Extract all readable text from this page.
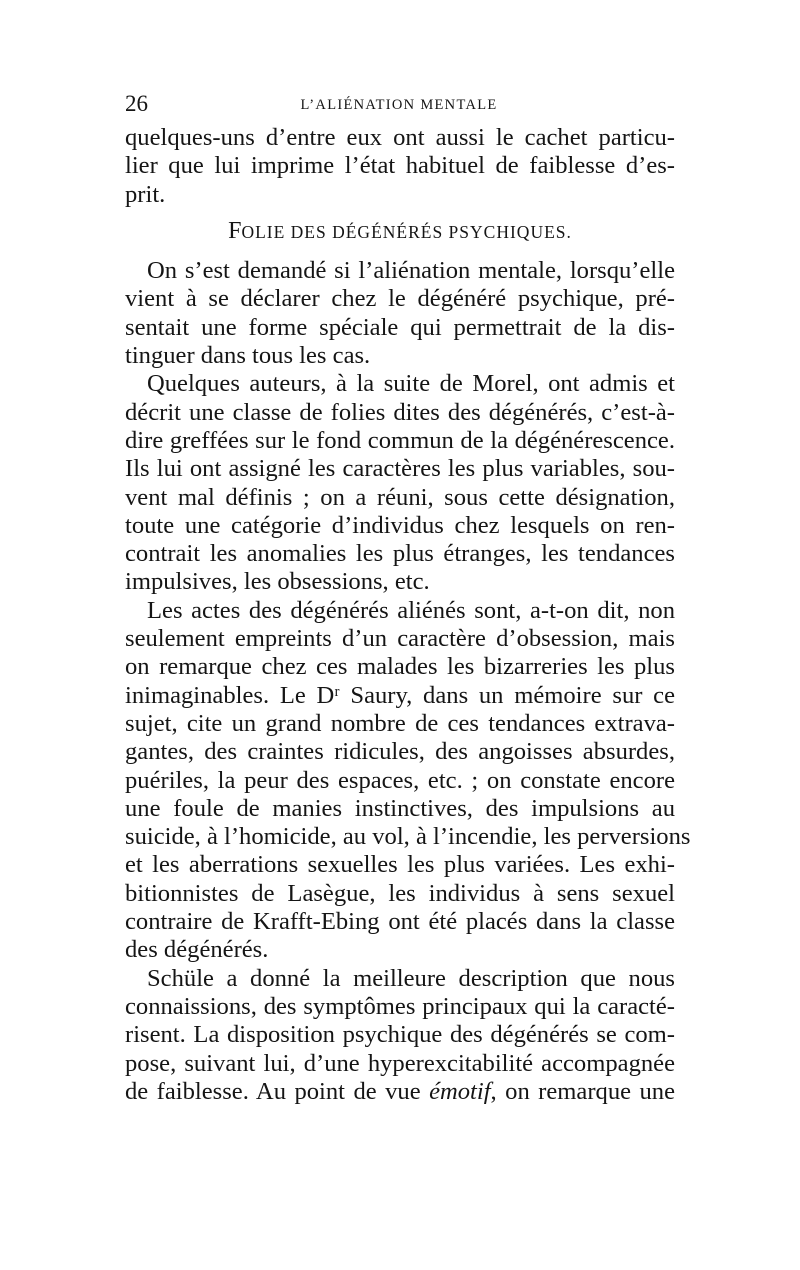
26	L’ALIÉNATION MENTALE
quelques-uns d’entre eux ont aussi le cachet particu-
lier que lui imprime l’état habituel de faiblesse d’es-
prit.
FOLIE DES DÉGÉNÉRÉS PSYCHIQUES.
On s’est demandé si l’aliénation mentale, lorsqu’elle
vient à se déclarer chez le dégénéré psychique, pré-
sentait une forme spéciale qui permettrait de la dis-
tinguer dans tous les cas.
Quelques auteurs, à la suite de Morel, ont admis et
décrit une classe de folies dites des dégénérés, c’est-à-
dire greffées sur le fond commun de la dégénérescence.
Ils lui ont assigné les caractères les plus variables, sou-
vent mal définis ; on a réuni, sous cette désignation,
toute une catégorie d’individus chez lesquels on ren-
contrait les anomalies les plus étranges, les tendances
impulsives, les obsessions, etc.
Les actes des dégénérés aliénés sont, a-t-on dit, non
seulement empreints d’un caractère d’obsession, mais
on remarque chez ces malades les bizarreries les plus
inimaginables. Le Dʳ Saury, dans un mémoire sur ce
sujet, cite un grand nombre de ces tendances extrava-
gantes, des craintes ridicules, des angoisses absurdes,
puériles, la peur des espaces, etc. ; on constate encore
une foule de manies instinctives, des impulsions au
suicide, à l’homicide, au vol, à l’incendie, les perversions
et les aberrations sexuelles les plus variées. Les exhi-
bitionnistes de Lasègue, les individus à sens sexuel
contraire de Krafft-Ebing ont été placés dans la classe
des dégénérés.
Schüle a donné la meilleure description que nous
connaissions, des symptômes principaux qui la caracté-
risent. La disposition psychique des dégénérés se com-
pose, suivant lui, d’une hyperexcitabilité accompagnée
de faiblesse. Au point de vue émotif, on remarque une
